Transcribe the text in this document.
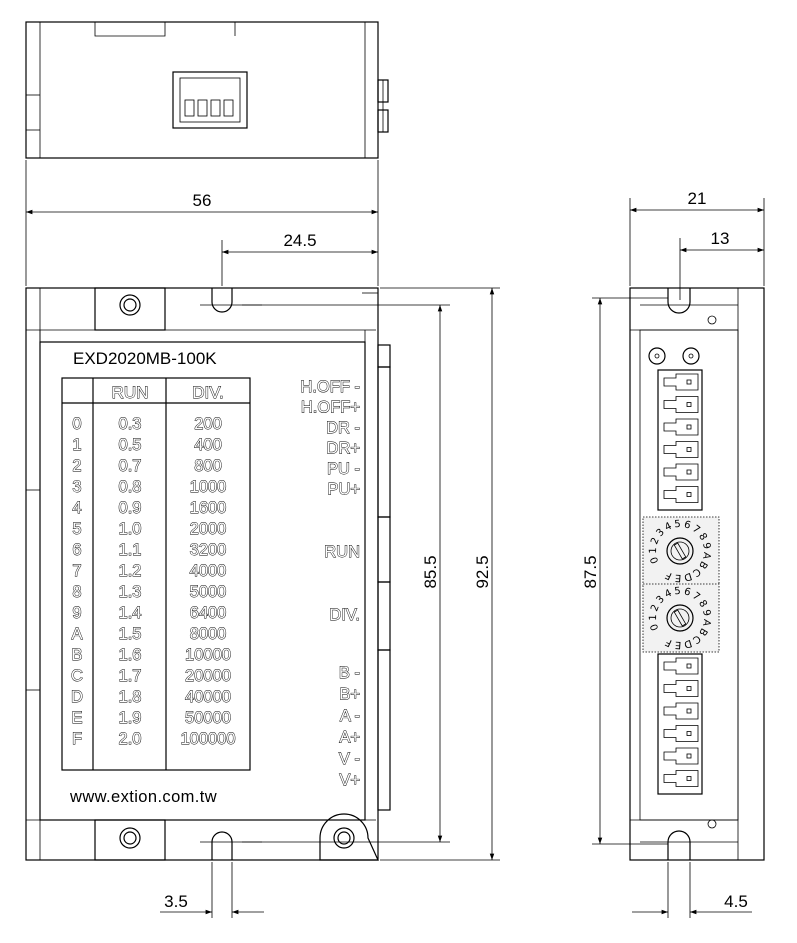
EXD2020MB-100K
www.extion.com.tw
RUN	DIV.
0 0.3	200
1 0.5	400
2 0.7	800
3 0.8	1000
4 0.9	1600
5 1.0	2000
6 1.1	3200
7 1.2	4000
8 1.3	5000
9 1.4	6400
A 1.5	8000
B 1.6	10000
C 1.7	20000
D 1.8	40000
E 1.9	50000
F 2.0 100000
H.OFF -
H.OFF+
DR -
DR+
PU -
PU+
RUN
DIV.
B -
B+
A -
A+
V -
V+
0
1
2
3
4 5 6
7
8
9
A
B
C
D
E
F
0
1
2
3
4 5 6
7
8
9
A
B
C
D
E
F
56
24.5
85.5 92.5
3.5
21
13
87.5
4.5
